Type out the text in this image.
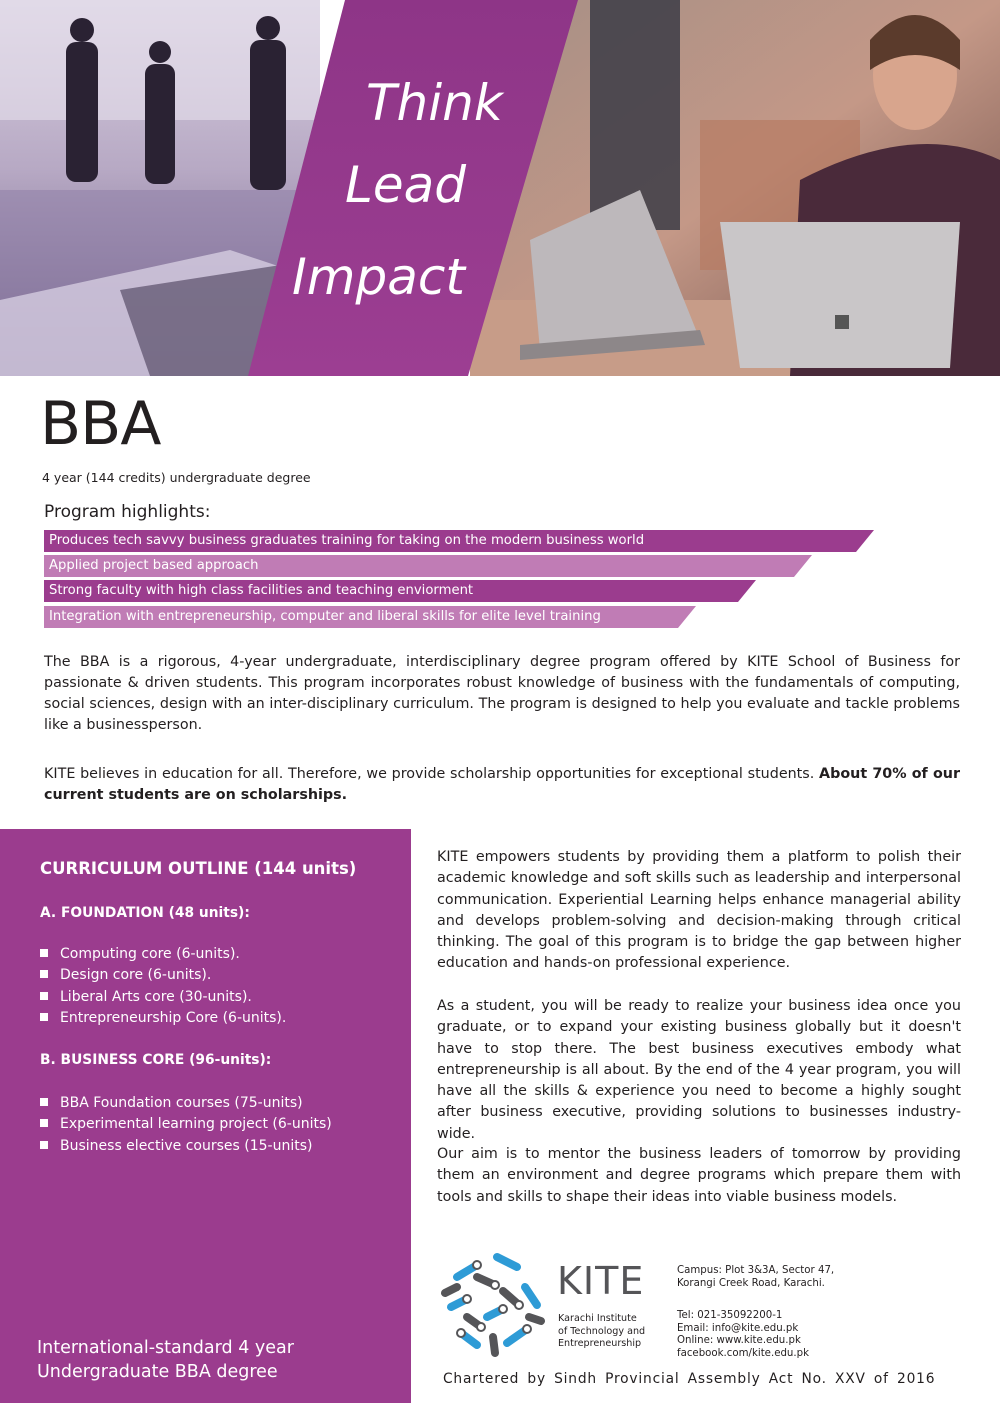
Think
Lead
Impact
BBA
4 year (144 credits) undergraduate degree
Program highlights:
Produces tech savvy business graduates training for taking on the modern business world
Applied project based approach
Strong faculty with high class facilities and teaching enviorment
Integration with entrepreneurship, computer and liberal skills for elite level training

The BBA is a rigorous, 4-year undergraduate, interdisciplinary degree program offered by KITE School of Business for passionate & driven students. This program incorporates robust knowledge of business with the fundamentals of computing, social sciences, design with an inter-disciplinary curriculum. The program is designed to help you evaluate and tackle problems like a businessperson.

KITE believes in education for all. Therefore, we provide scholarship opportunities for exceptional students. About 70% of our current students are on scholarships.

CURRICULUM OUTLINE (144 units)
A. FOUNDATION (48 units):
Computing core (6-units).
Design core (6-units).
Liberal Arts core (30-units).
Entrepreneurship Core (6-units).
B. BUSINESS CORE (96-units):
BBA Foundation courses (75-units)
Experimental learning project (6-units)
Business elective courses (15-units)
International-standard 4 year
Undergraduate BBA degree

KITE empowers students by providing them a platform to polish their academic knowledge and soft skills such as leadership and interpersonal communication. Experiential Learning helps enhance managerial ability and develops problem-solving and decision-making through critical thinking. The goal of this program is to bridge the gap between higher education and hands-on professional experience.

As a student, you will be ready to realize your business idea once you graduate, or to expand your existing business globally but it doesn't have to stop there. The best business executives embody what entrepreneurship is all about. By the end of the 4 year program, you will have all the skills & experience you need to become a highly sought after business executive, providing solutions to businesses industry-wide.

Our aim is to mentor the business leaders of tomorrow by providing them an environment and degree programs which prepare them with tools and skills to shape their ideas into viable business models.

KITE
Karachi Institute
of Technology and
Entrepreneurship
Campus: Plot 3&3A, Sector 47,
Korangi Creek Road, Karachi.
Tel: 021-35092200-1
Email: info@kite.edu.pk
Online: www.kite.edu.pk
facebook.com/kite.edu.pk
Chartered by Sindh Provincial Assembly Act No. XXV of 2016
